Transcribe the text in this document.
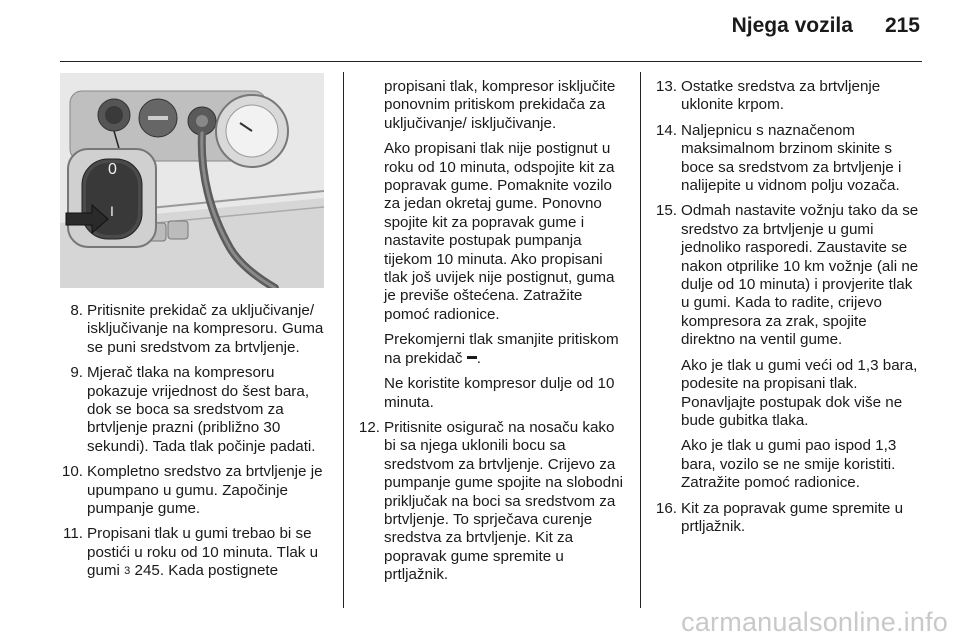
Njega vozila 215
0
I
8. Pritisnite prekidač za uključivanje/ isključivanje na kompresoru. Guma se puni sredstvom za brtvljenje.
9. Mjerač tlaka na kompresoru pokazuje vrijednost do šest bara, dok se boca sa sredstvom za brtvljenje prazni (približno 30 sekundi). Tada tlak počinje padati.
10. Kompletno sredstvo za brtvljenje je upumpano u gumu. Započinje pumpanje gume.
11. Propisani tlak u gumi trebao bi se postići u roku od 10 minuta. Tlak u gumi 3 245. Kada postignete
propisani tlak, kompresor isključite ponovnim pritiskom prekidača za uključivanje/ isključivanje.
Ako propisani tlak nije postignut u roku od 10 minuta, odspojite kit za popravak gume. Pomaknite vozilo za jedan okretaj gume. Ponovno spojite kit za popravak gume i nastavite postupak pumpanja tijekom 10 minuta. Ako propisani tlak još uvijek nije postignut, guma je previše oštećena. Zatražite pomoć radionice.
Prekomjerni tlak smanjite pritiskom na prekidač .
Ne koristite kompresor dulje od 10 minuta.
12. Pritisnite osigurač na nosaču kako bi sa njega uklonili bocu sa sredstvom za brtvljenje. Crijevo za pumpanje gume spojite na slobodni priključak na boci sa sredstvom za brtvljenje. To sprječava curenje sredstva za brtvljenje. Kit za popravak gume spremite u prtljažnik.
13. Ostatke sredstva za brtvljenje uklonite krpom.
14. Naljepnicu s naznačenom maksimalnom brzinom skinite s boce sa sredstvom za brtvljenje i nalijepite u vidnom polju vozača.
15. Odmah nastavite vožnju tako da se sredstvo za brtvljenje u gumi jednoliko rasporedi. Zaustavite se nakon otprilike 10 km vožnje (ali ne dulje od 10 minuta) i provjerite tlak u gumi. Kada to radite, crijevo kompresora za zrak, spojite direktno na ventil gume.
Ako je tlak u gumi veći od 1,3 bara, podesite na propisani tlak. Ponavljajte postupak dok više ne bude gubitka tlaka.
Ako je tlak u gumi pao ispod 1,3 bara, vozilo se ne smije koristiti. Zatražite pomoć radionice.
16. Kit za popravak gume spremite u prtljažnik.
carmanualsonline.info
